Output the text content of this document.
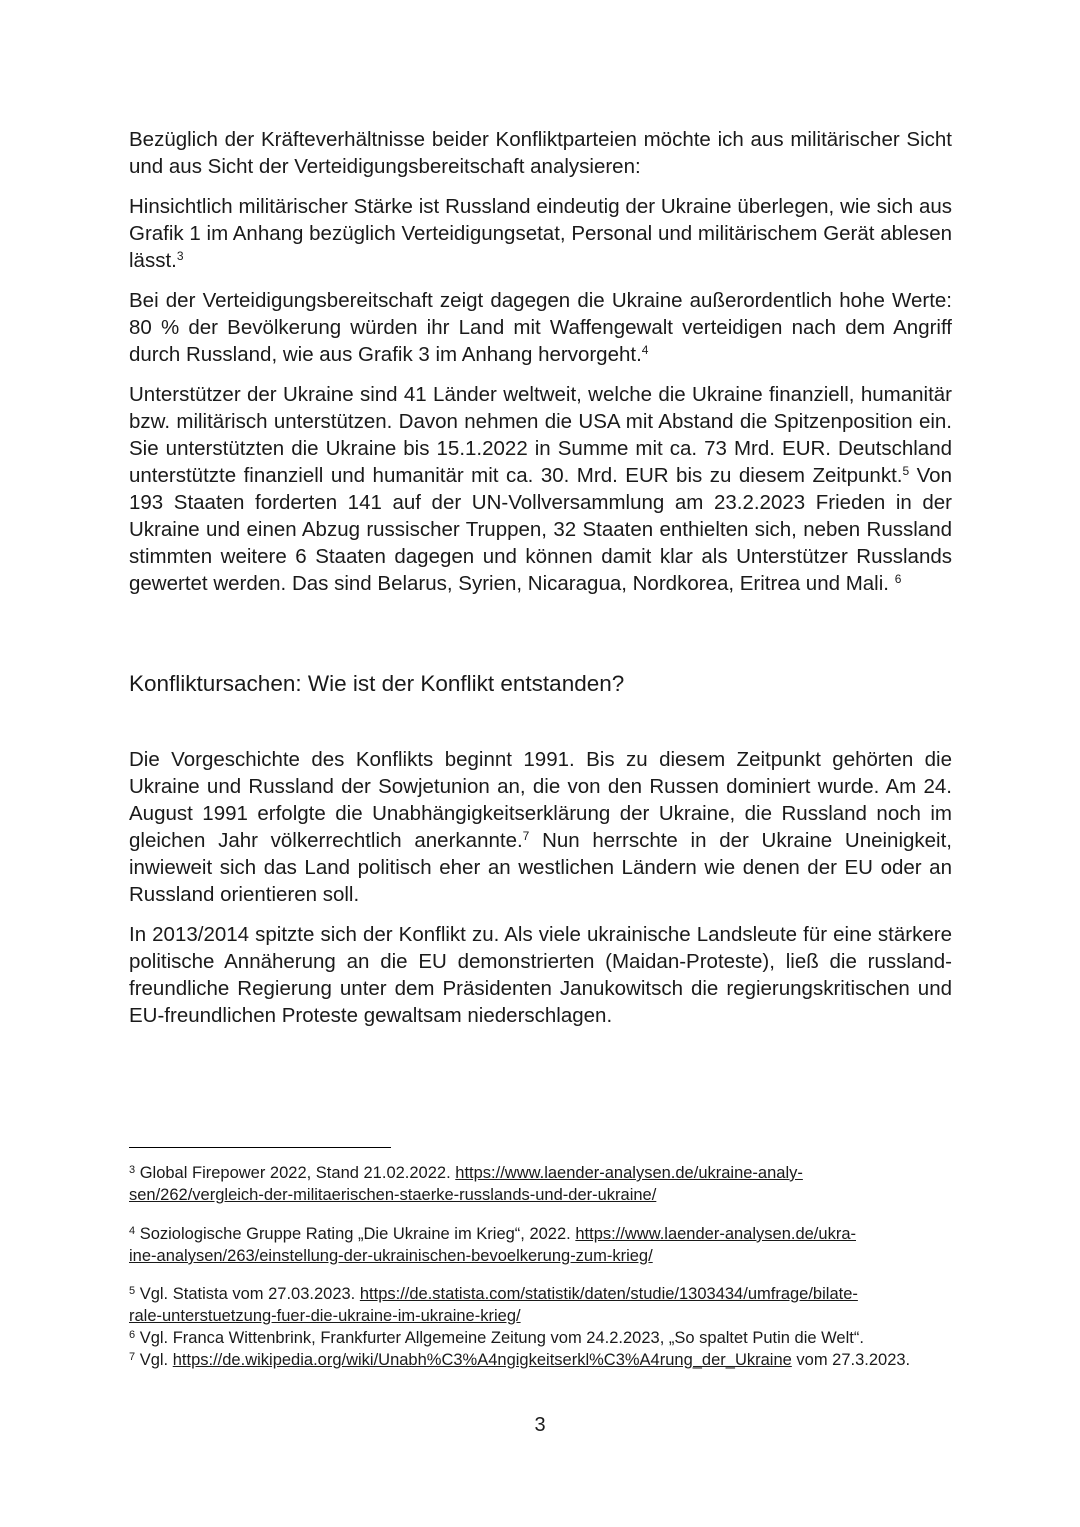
Bezüglich der Kräfteverhältnisse beider Konfliktparteien möchte ich aus militärischer Sicht und aus Sicht der Verteidigungsbereitschaft analysieren:

Hinsichtlich militärischer Stärke ist Russland eindeutig der Ukraine überlegen, wie sich aus Grafik 1 im Anhang bezüglich Verteidigungsetat, Personal und militärischem Gerät ablesen lässt.$^3$

Bei der Verteidigungsbereitschaft zeigt dagegen die Ukraine außerordentlich hohe Werte: 80 % der Bevölkerung würden ihr Land mit Waffengewalt verteidigen nach dem Angriff durch Russland, wie aus Grafik 3 im Anhang hervorgeht.$^4$

Unterstützer der Ukraine sind 41 Länder weltweit, welche die Ukraine finanziell, humanitär bzw. militärisch unterstützen. Davon nehmen die USA mit Abstand die Spitzenposition ein. Sie unterstützten die Ukraine bis 15.1.2022 in Summe mit ca. 73 Mrd. EUR. Deutschland unterstützte finanziell und humanitär mit ca. 30. Mrd. EUR bis zu diesem Zeitpunkt.$^5$ Von 193 Staaten forderten 141 auf der UN-Vollversammlung am 23.2.2023 Frieden in der Ukraine und einen Abzug russischer Truppen, 32 Staaten enthielten sich, neben Russland stimmten weitere 6 Staaten dagegen und können damit klar als Unterstützer Russlands gewertet werden. Das sind Belarus, Syrien, Nicaragua, Nordkorea, Eritrea und Mali. $^6$

Konfliktursachen: Wie ist der Konflikt entstanden?

Die Vorgeschichte des Konflikts beginnt 1991. Bis zu diesem Zeitpunkt gehörten die Ukraine und Russland der Sowjetunion an, die von den Russen dominiert wurde. Am 24. August 1991 erfolgte die Unabhängigkeitserklärung der Ukraine, die Russland noch im gleichen Jahr völkerrechtlich anerkannte.$^7$ Nun herrschte in der Ukraine Uneinigkeit, inwieweit sich das Land politisch eher an westlichen Ländern wie denen der EU oder an Russland orientieren soll.

In 2013/2014 spitzte sich der Konflikt zu. Als viele ukrainische Landsleute für eine stärkere politische Annäherung an die EU demonstrierten (Maidan-Proteste), ließ die russland-freundliche Regierung unter dem Präsidenten Janukowitsch die regierungskritischen und EU-freundlichen Proteste gewaltsam niederschlagen.

$^3$ Global Firepower 2022, Stand 21.02.2022. https://www.laender-analysen.de/ukraine-analy-
sen/262/vergleich-der-militaerischen-staerke-russlands-und-der-ukraine/

$^4$ Soziologische Gruppe Rating „Die Ukraine im Krieg“, 2022. https://www.laender-analysen.de/ukra-
ine-analysen/263/einstellung-der-ukrainischen-bevoelkerung-zum-krieg/

$^5$ Vgl. Statista vom 27.03.2023. https://de.statista.com/statistik/daten/studie/1303434/umfrage/bilate-
rale-unterstuetzung-fuer-die-ukraine-im-ukraine-krieg/

$^6$ Vgl. Franca Wittenbrink, Frankfurter Allgemeine Zeitung vom 24.2.2023, „So spaltet Putin die Welt“.

$^7$ Vgl. https://de.wikipedia.org/wiki/Unabh%C3%A4ngigkeitserkl%C3%A4rung_der_Ukraine vom 27.3.2023.

3
